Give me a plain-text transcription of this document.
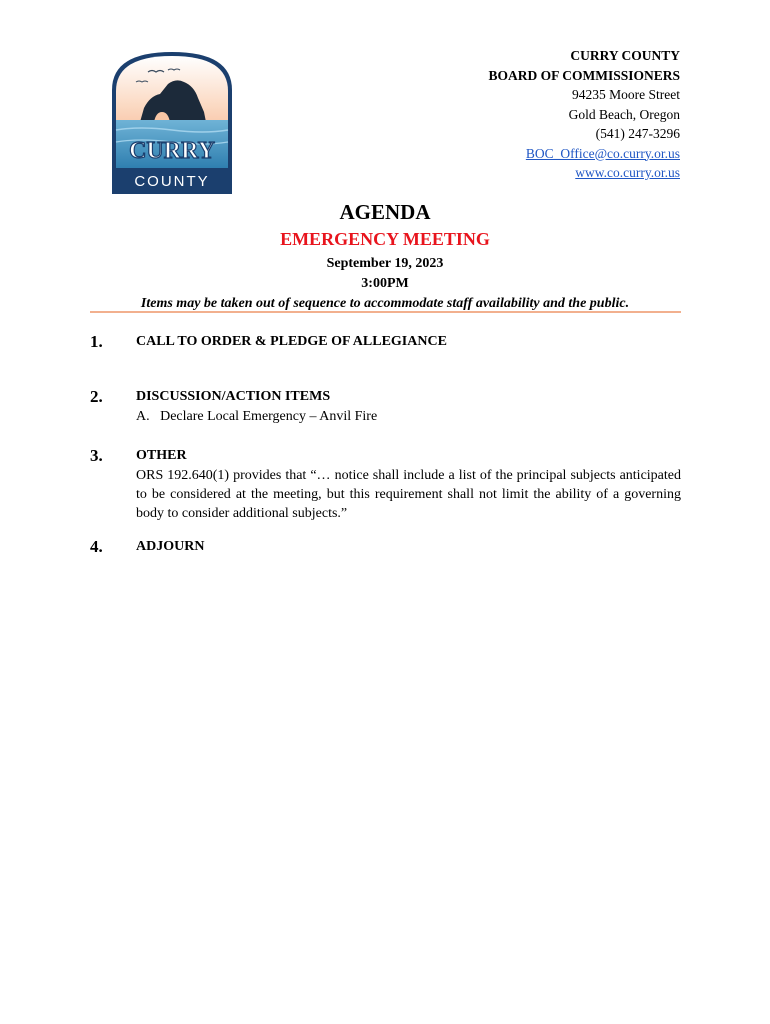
CURRY
COUNTY
CURRY COUNTY
BOARD OF COMMISSIONERS
94235 Moore Street
Gold Beach, Oregon
(541) 247-3296
BOC_Office@co.curry.or.us
www.co.curry.or.us
AGENDA
EMERGENCY MEETING
September 19, 2023
3:00PM
Items may be taken out of sequence to accommodate staff availability and the public.
1. CALL TO ORDER & PLEDGE OF ALLEGIANCE
2. DISCUSSION/ACTION ITEMS
A.   Declare Local Emergency – Anvil Fire
3. OTHER
ORS 192.640(1) provides that “… notice shall include a list of the principal subjects anticipated to be considered at the meeting, but this requirement shall not limit the ability of a governing body to consider additional subjects.”
4. ADJOURN
